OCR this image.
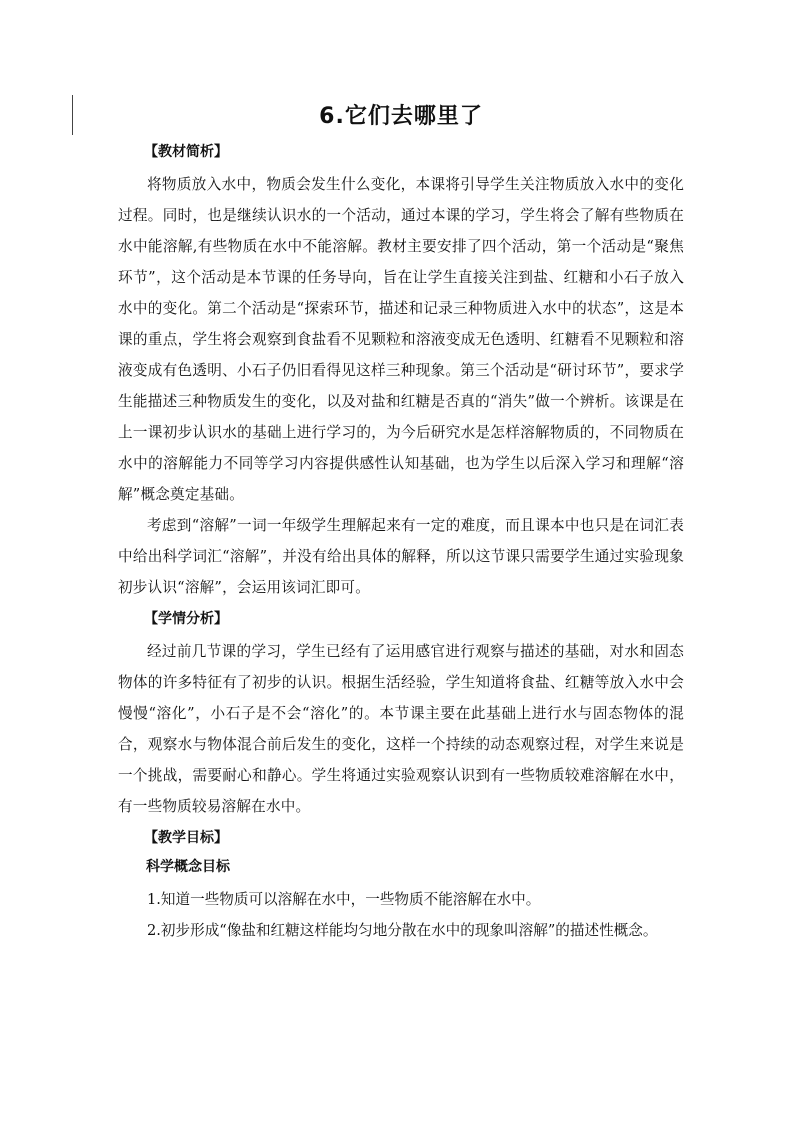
6.它们去哪里了
【教材简析】

将物质放入水中，物质会发生什么变化，本课将引导学生关注物质放入水中的变化过程。同时，也是继续认识水的一个活动，通过本课的学习，学生将会了解有些物质在水中能溶解,有些物质在水中不能溶解。教材主要安排了四个活动，第一个活动是“聚焦环节”，这个活动是本节课的任务导向，旨在让学生直接关注到盐、红糖和小石子放入水中的变化。第二个活动是“探索环节，描述和记录三种物质进入水中的状态”，这是本课的重点，学生将会观察到食盐看不见颗粒和溶液变成无色透明、红糖看不见颗粒和溶液变成有色透明、小石子仍旧看得见这样三种现象。第三个活动是“研讨环节”，要求学生能描述三种物质发生的变化，以及对盐和红糖是否真的“消失”做一个辨析。该课是在上一课初步认识水的基础上进行学习的，为今后研究水是怎样溶解物质的，不同物质在水中的溶解能力不同等学习内容提供感性认知基础，也为学生以后深入学习和理解“溶解”概念奠定基础。

考虑到“溶解”一词一年级学生理解起来有一定的难度，而且课本中也只是在词汇表中给出科学词汇“溶解”，并没有给出具体的解释，所以这节课只需要学生通过实验现象初步认识“溶解”，会运用该词汇即可。

【学情分析】

经过前几节课的学习，学生已经有了运用感官进行观察与描述的基础，对水和固态物体的许多特征有了初步的认识。根据生活经验，学生知道将食盐、红糖等放入水中会慢慢“溶化”，小石子是不会“溶化”的。本节课主要在此基础上进行水与固态物体的混合，观察水与物体混合前后发生的变化，这样一个持续的动态观察过程，对学生来说是一个挑战，需要耐心和静心。学生将通过实验观察认识到有一些物质较难溶解在水中，有一些物质较易溶解在水中。

【教学目标】
科学概念目标

1.知道一些物质可以溶解在水中，一些物质不能溶解在水中。

2.初步形成“像盐和红糖这样能均匀地分散在水中的现象叫溶解”的描述性概念。
